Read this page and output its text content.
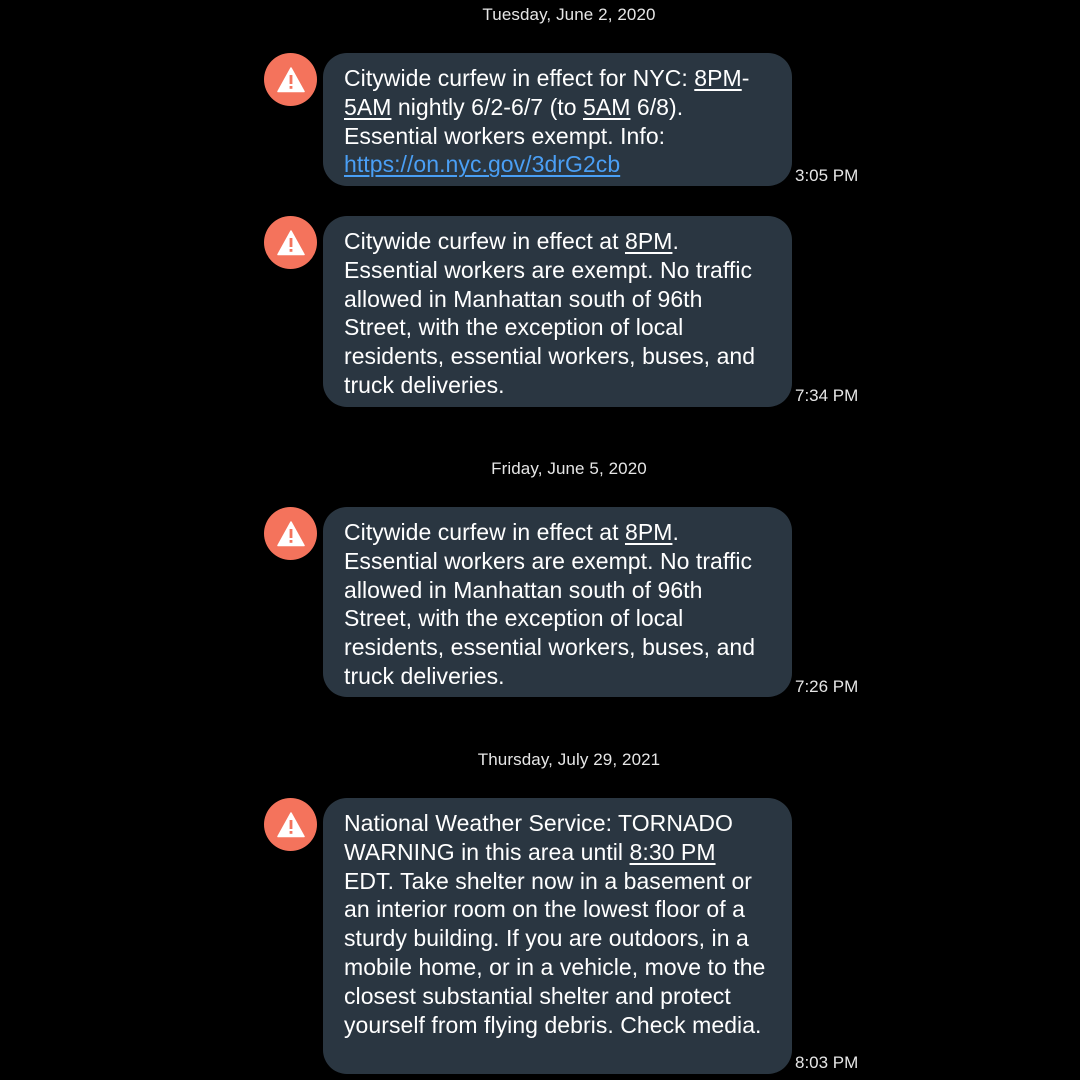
Tuesday, June 2, 2020
Friday, June 5, 2020
Thursday, July 29, 2021
Citywide curfew in effect for NYC: 8PM-5AM nightly 6/2-6/7 (to 5AM 6/8). Essential workers exempt. Info: https://on.nyc.gov/3drG2cb	3:05 PM
Citywide curfew in effect at 8PM. Essential workers are exempt. No traffic allowed in Manhattan south of 96th Street, with the exception of local residents, essential workers, buses, and truck deliveries.	7:34 PM
Citywide curfew in effect at 8PM. Essential workers are exempt. No traffic allowed in Manhattan south of 96th Street, with the exception of local residents, essential workers, buses, and truck deliveries.	7:26 PM
National Weather Service: TORNADO WARNING in this area until 8:30 PM EDT. Take shelter now in a basement or an interior room on the lowest floor of a sturdy building. If you are outdoors, in a mobile home, or in a vehicle, move to the closest substantial shelter and protect yourself from flying debris. Check media.
8:03 PM
